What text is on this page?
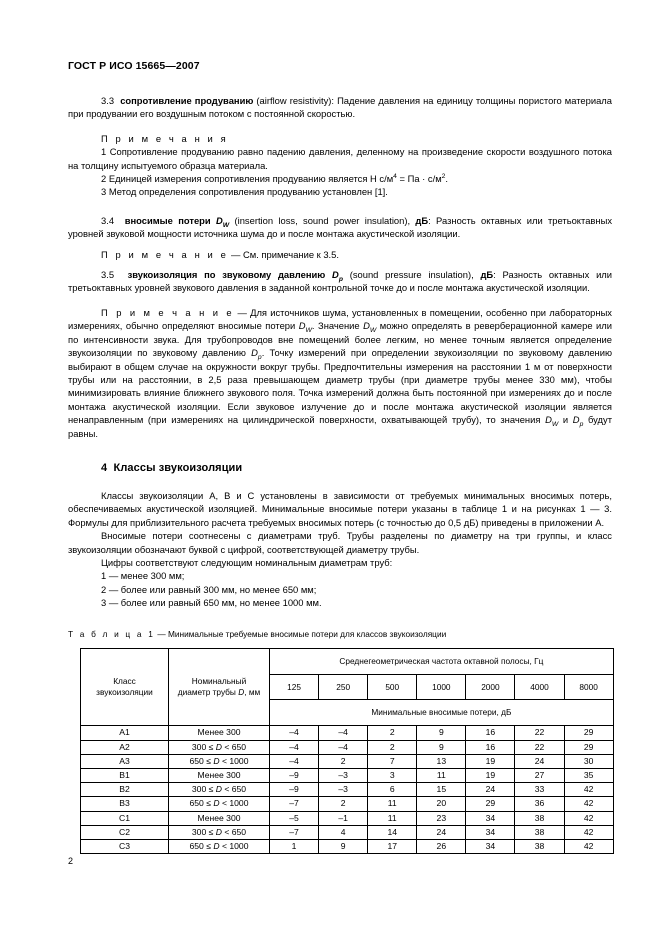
ГОСТ Р ИСО 15665—2007

3.3 сопротивление продуванию (airflow resistivity): Падение давления на единицу толщины пористого материала при продувании его воздушным потоком с постоянной скоростью.

П р и м е ч а н и я

1 Сопротивление продуванию равно падению давления, деленному на произведение скорости воздушного потока на толщину испытуемого образца материала.

2 Единицей измерения сопротивления продуванию является Н $с/м^4$ = Па · $с/м^2$.

3 Метод определения сопротивления продуванию установлен [1].

3.4 вносимые потери $D_W$ (insertion loss, sound power insulation), дБ: Разность октавных или третьоктавных уровней звуковой мощности источника шума до и после монтажа акустической изоляции.

П р и м е ч а н и е — См. примечание к 3.5.

3.5 звукоизоляция по звуковому давлению $D_p$ (sound pressure insulation), дБ: Разность октавных или третьоктавных уровней звукового давления в заданной контрольной точке до и после монтажа акустической изоляции.

П р и м е ч а н и е — Для источников шума, установленных в помещении, особенно при лабораторных измерениях, обычно определяют вносимые потери $D_W$. Значение $D_W$ можно определять в реверберационной камере или по интенсивности звука. Для трубопроводов вне помещений более легким, но менее точным является определение звукоизоляции по звуковому давлению $D_p$. Точку измерений при определении звукоизоляции по звуковому давлению выбирают в общем случае на окружности вокруг трубы. Предпочтительны измерения на расстоянии 1 м от поверхности трубы или на расстоянии, в 2,5 раза превышающем диаметр трубы (при диаметре трубы менее 330 мм), чтобы минимизировать влияние ближнего звукового поля. Точка измерений должна быть постоянной при измерениях до и после монтажа акустической изоляции. Если звуковое излучение до и после монтажа акустической изоляции является ненаправленным (при измерениях на цилиндрической поверхности, охватывающей трубу), то значения $D_W$ и $D_p$ будут равны.

4 Классы звукоизоляции

Классы звукоизоляции А, В и С установлены в зависимости от требуемых минимальных вносимых потерь, обеспечиваемых акустической изоляцией. Минимальные вносимые потери указаны в таблице 1 и на рисунках 1 — 3. Формулы для приблизительного расчета требуемых вносимых потерь (с точностью до 0,5 дБ) приведены в приложении А.

Вносимые потери соотнесены с диаметрами труб. Трубы разделены по диаметру на три группы, и класс звукоизоляции обозначают буквой с цифрой, соответствующей диаметру трубы.

Цифры соответствуют следующим номинальным диаметрам труб:

1 — менее 300 мм;

2 — более или равный 300 мм, но менее 650 мм;

3 — более или равный 650 мм, но менее 1000 мм.

Т а б л и ц а 1 — Минимальные требуемые вносимые потери для классов звукоизоляции

Класс
звукоизоляции	Номинальный
диаметр трубы D, мм	Среднегеометрическая частота октавной полосы, Гц						
		125	250	500	1000	2000	4000	8000
		Минимальные вносимые потери, дБ						
А1	Менее 300	–4	–4	2	9	16	22	29
А2	300 ≤ D < 650	–4	–4	2	9	16	22	29
А3	650 ≤ D < 1000	–4	2	7	13	19	24	30
В1	Менее 300	–9	–3	3	11	19	27	35
В2	300 ≤ D < 650	–9	–3	6	15	24	33	42
В3	650 ≤ D < 1000	–7	2	11	20	29	36	42
С1	Менее 300	–5	–1	11	23	34	38	42
С2	300 ≤ D < 650	–7	4	14	24	34	38	42
С3	650 ≤ D < 1000	1	9	17	26	34	38	42
2
